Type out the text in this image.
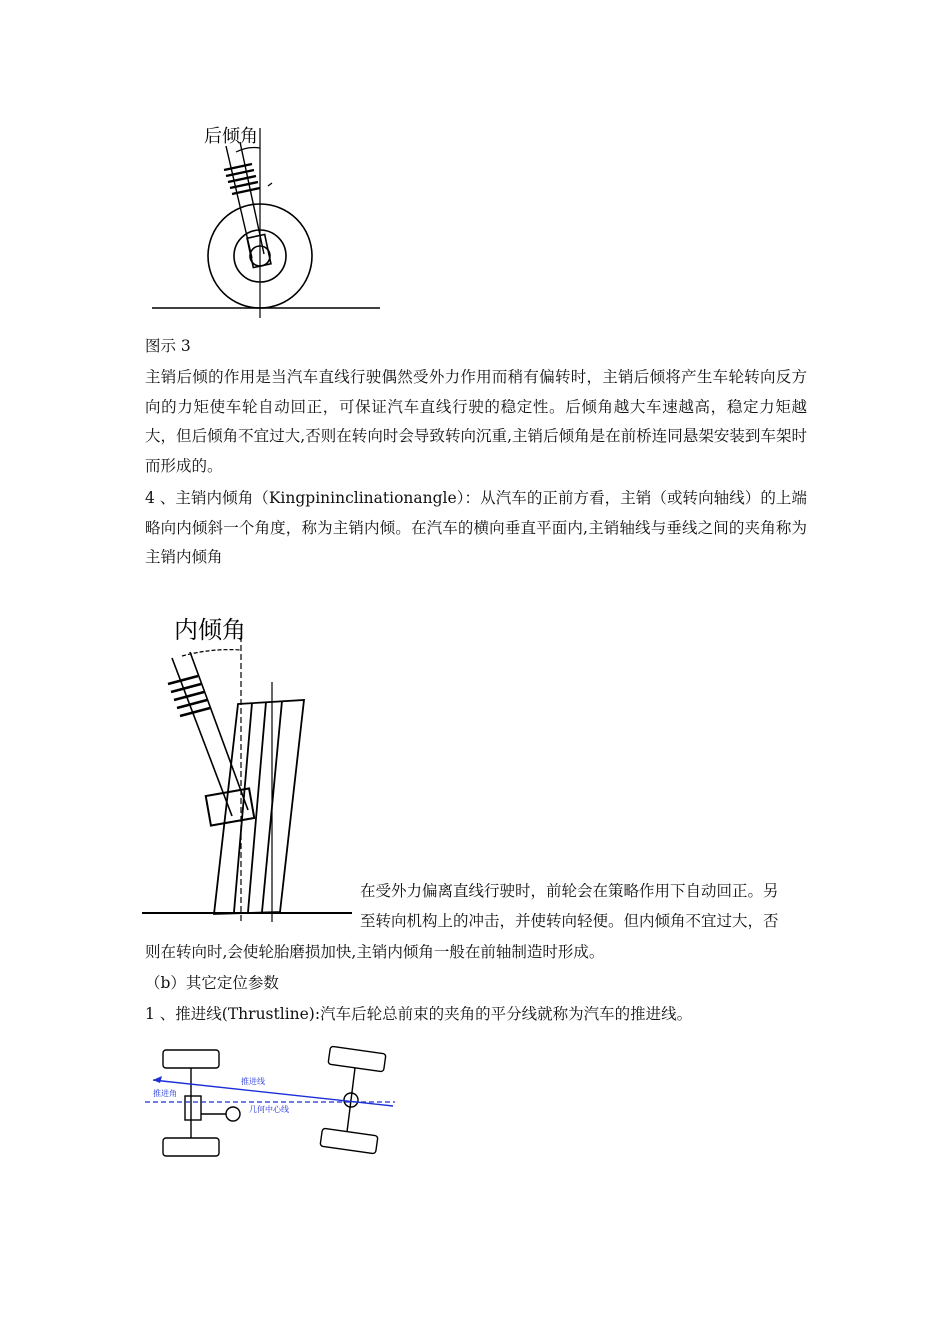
后倾角

图示 3

主销后倾的作用是当汽车直线行驶偶然受外力作用而稍有偏转时，主销后倾将产生车轮转向反方向的力矩使车轮自动回正，可保证汽车直线行驶的稳定性。后倾角越大车速越高，稳定力矩越大，但后倾角不宜过大,否则在转向时会导致转向沉重,主销后倾角是在前桥连同悬架安装到车架时而形成的。

4 、主销内倾角（Kingpininclinationangle）：从汽车的正前方看，主销（或转向轴线）的上端略向内倾斜一个角度，称为主销内倾。在汽车的横向垂直平面内,主销轴线与垂线之间的夹角称为主销内倾角

内倾角

在受外力偏离直线行驶时，前轮会在策略作用下自动回正。另

至转向机构上的冲击，并使转向轻便。但内倾角不宜过大，否

则在转向时,会使轮胎磨损加快,主销内倾角一般在前轴制造时形成。

（b）其它定位参数

1 、推进线(Thrustline):汽车后轮总前束的夹角的平分线就称为汽车的推进线。

推进线
推进角
几何中心线
